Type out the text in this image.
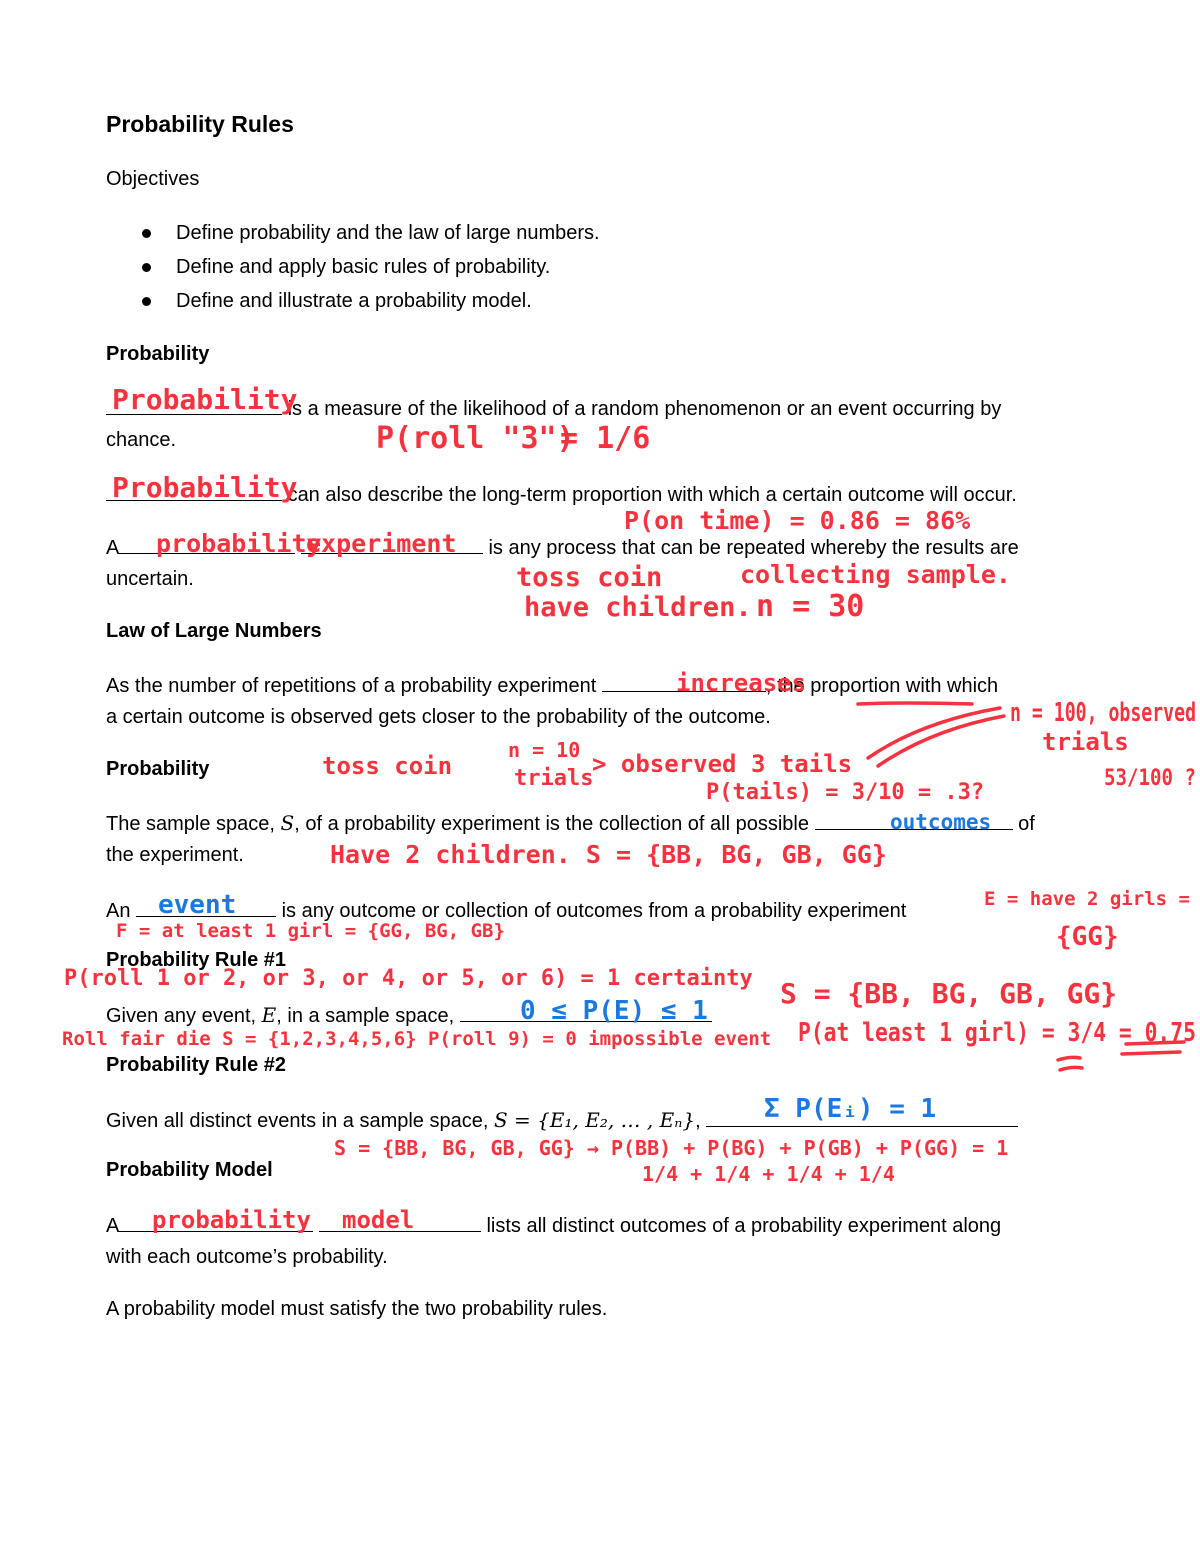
Probability Rules
Objectives
Define probability and the law of large numbers.
Define and apply basic rules of probability.
Define and illustrate a probability model.
Probability
is a measure of the likelihood of a random phenomenon or an event occurring by
chance.
can also describe the long-term proportion with which a certain outcome will occur.
A	is any process that can be repeated whereby the results are
uncertain.
Law of Large Numbers
As the number of repetitions of a probability experiment	, the proportion with which
a certain outcome is observed gets closer to the probability of the outcome.
Probability
The sample space, S, of a probability experiment is the collection of all possible	of
the experiment.
An	is any outcome or collection of outcomes from a probability experiment
Probability Rule #1
Given any event, E, in a sample space,
Probability Rule #2
Given all distinct events in a sample space, S = {E₁, E₂, … , Eₙ},
Probability Model
A	lists all distinct outcomes of a probability experiment along
with each outcome’s probability.
A probability model must satisfy the two probability rules.
Probability
P(roll "3")
= 1/6
Probability
P(on time) = 0.86 = 86%
probability
experiment
toss coin
have children.
collecting sample.
n = 30
increases
n = 100, observed
trials
toss coin
n = 10
trials
> observed 3 tails
P(tails) = 3/10 = .3?
53/100 ?
outcomes
Have 2 children. S = {BB, BG, GB, GG}
event	E = have 2 girls =
{GG}
F = at least 1 girl = {GG, BG, GB}
P(roll 1 or 2, or 3, or 4, or 5, or 6) = 1 certainty S = {BB, BG, GB, GG}
0 ≤ P(E) ≤ 1
Roll fair die S = {1,2,3,4,5,6} P(roll 9) = 0 impossible event P(at least 1 girl) = 3/4 = 0.75
Σ P(Eᵢ) = 1
S = {BB, BG, GB, GG} → P(BB) + P(BG) + P(GB) + P(GG) = 1
1/4 + 1/4 + 1/4 + 1/4
probability model
